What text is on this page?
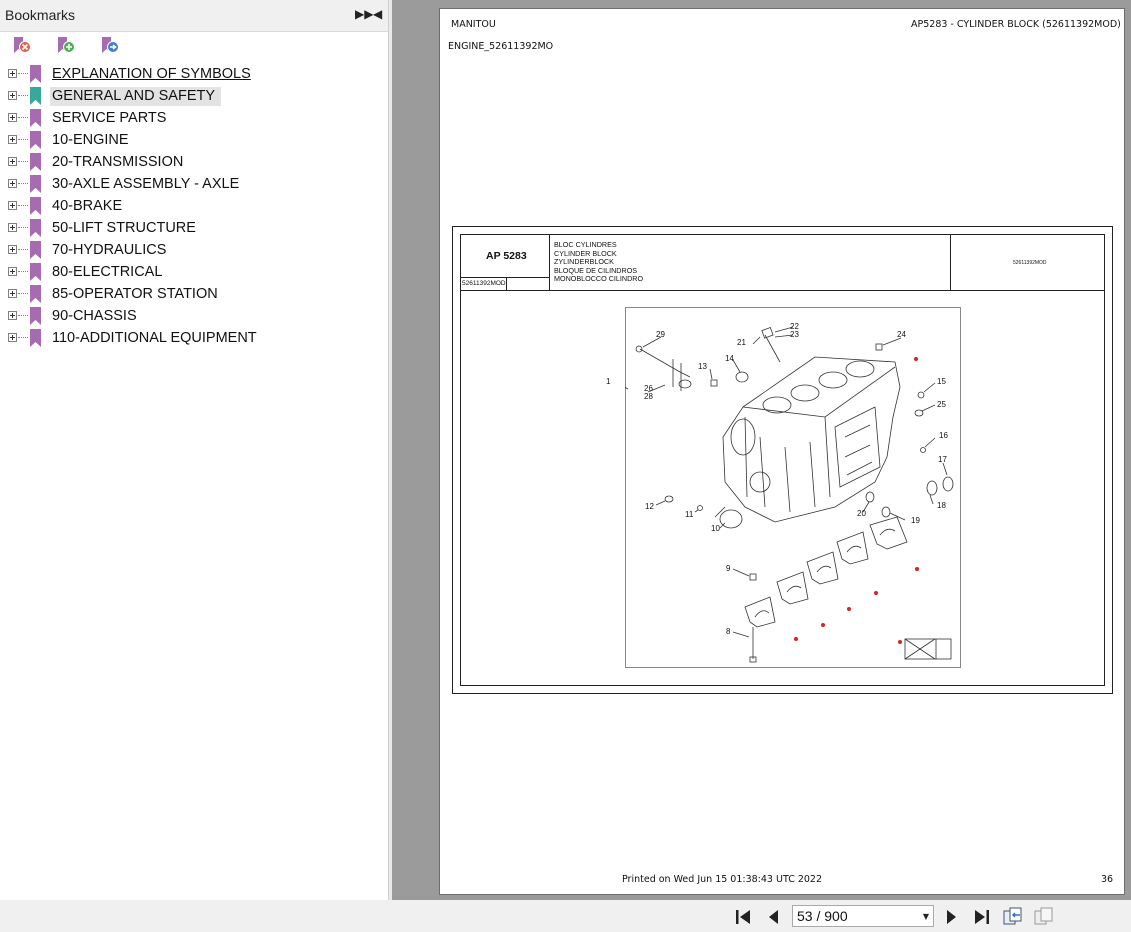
Bookmarks	▶▶ ◀
EXPLANATION OF SYMBOLS
GENERAL AND SAFETY
SERVICE PARTS
10-ENGINE
20-TRANSMISSION
30-AXLE ASSEMBLY - AXLE
40-BRAKE
50-LIFT STRUCTURE
70-HYDRAULICS
80-ELECTRICAL
85-OPERATOR STATION
90-CHASSIS
110-ADDITIONAL EQUIPMENT
MANITOU	AP5283 - CYLINDER BLOCK (52611392MOD)
ENGINE_52611392MO
AP 5283
52611392MOD
BLOC CYLINDRES
CYLINDER BLOCK
ZYLINDERBLOCK
BLOQUE DE CILINDROS
MONOBLOCCO CILINDRO
52611392MOD
1
8
9
10
11
12
13
14
15
16
17
18
19
20
21
22
23	24
25
26
28
29
Printed on Wed Jun 15 01:38:43 UTC 2022	36
53 / 900	▼
